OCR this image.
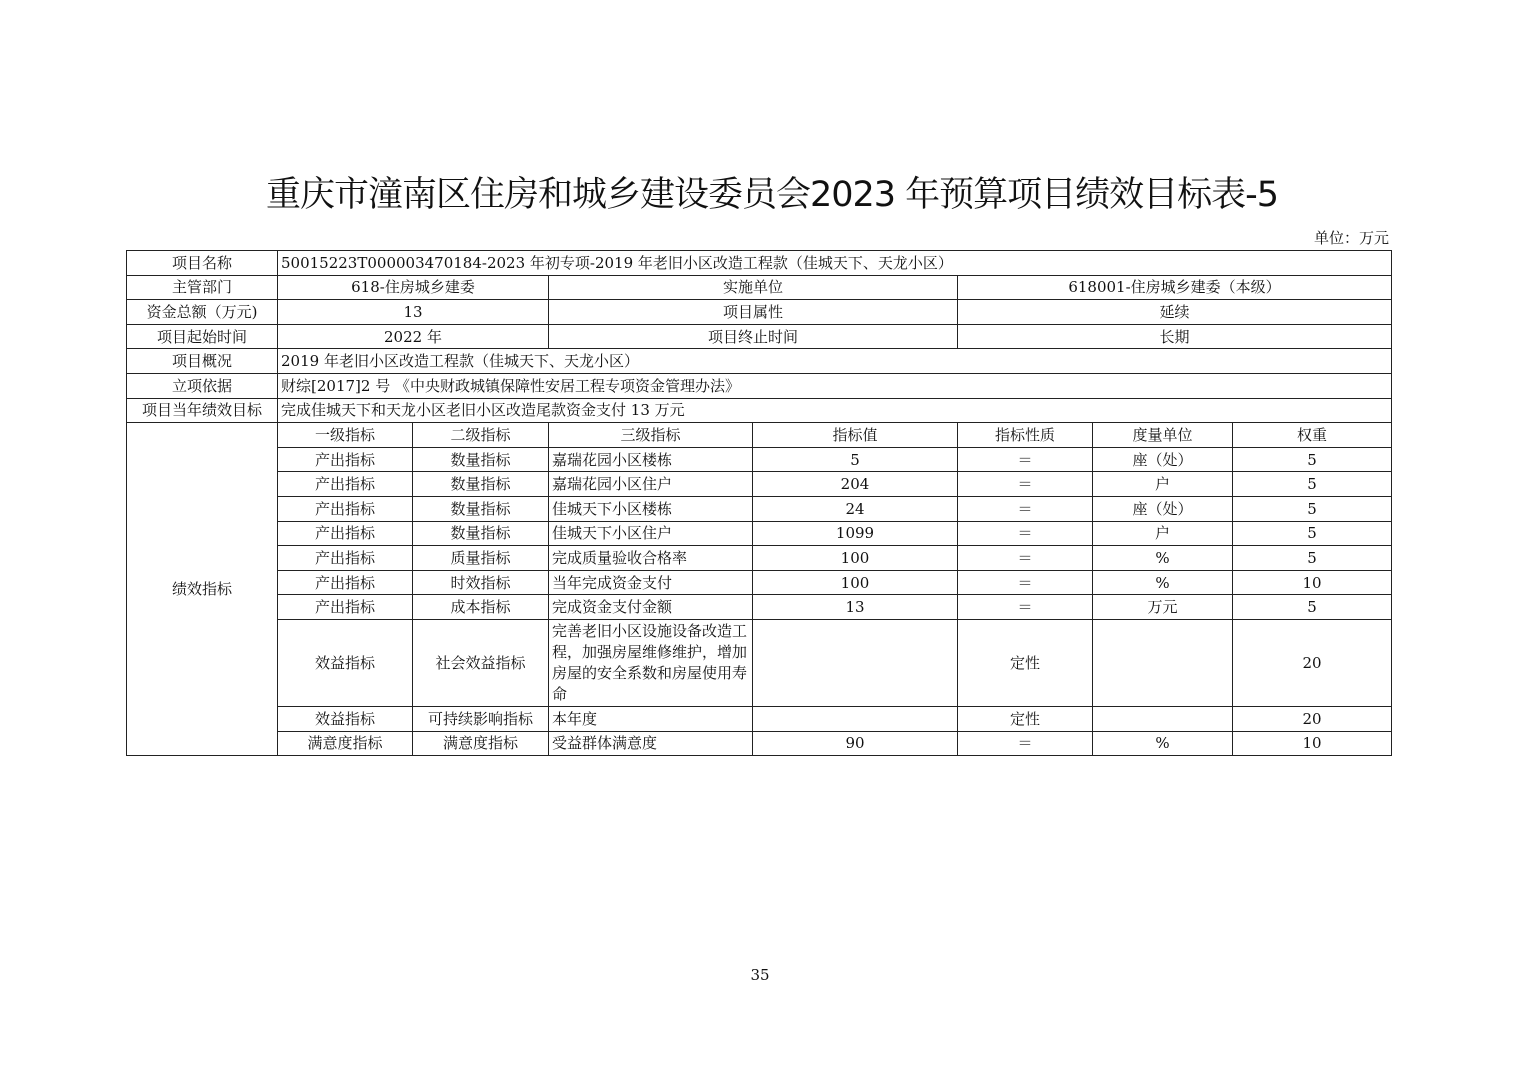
重庆市潼南区住房和城乡建设委员会2023 年预算项目绩效目标表-5
单位：万元
项目名称	50015223T000003470184-2023 年初专项-2019 年老旧小区改造工程款（佳城天下、天龙小区）						
主管部门	618-住房城乡建委		实施单位		618001-住房城乡建委（本级）		
资金总额（万元)	13		项目属性		延续		
项目起始时间	2022 年		项目终止时间		长期		
项目概况	2019 年老旧小区改造工程款（佳城天下、天龙小区）						
立项依据	财综[2017]2 号 《中央财政城镇保障性安居工程专项资金管理办法》						
项目当年绩效目标	完成佳城天下和天龙小区老旧小区改造尾款资金支付 13 万元						
绩效指标	一级指标	二级指标	三级指标	指标值	指标性质	度量单位	权重
	产出指标	数量指标	嘉瑞花园小区楼栋	5	＝	座（处）	5
	产出指标	数量指标	嘉瑞花园小区住户	204	＝	户	5
	产出指标	数量指标	佳城天下小区楼栋	24	＝	座（处）	5
	产出指标	数量指标	佳城天下小区住户	1099	＝	户	5
	产出指标	质量指标	完成质量验收合格率	100	＝	%	5
	产出指标	时效指标	当年完成资金支付	100	＝	%	10
	产出指标	成本指标	完成资金支付金额	13	＝	万元	5
	效益指标	社会效益指标	完善老旧小区设施设备改造工程，加强房屋维修维护，增加房屋的安全系数和房屋使用寿命		定性		20
	效益指标	可持续影响指标	本年度		定性		20
	满意度指标	满意度指标	受益群体满意度	90	＝	%	10
35
